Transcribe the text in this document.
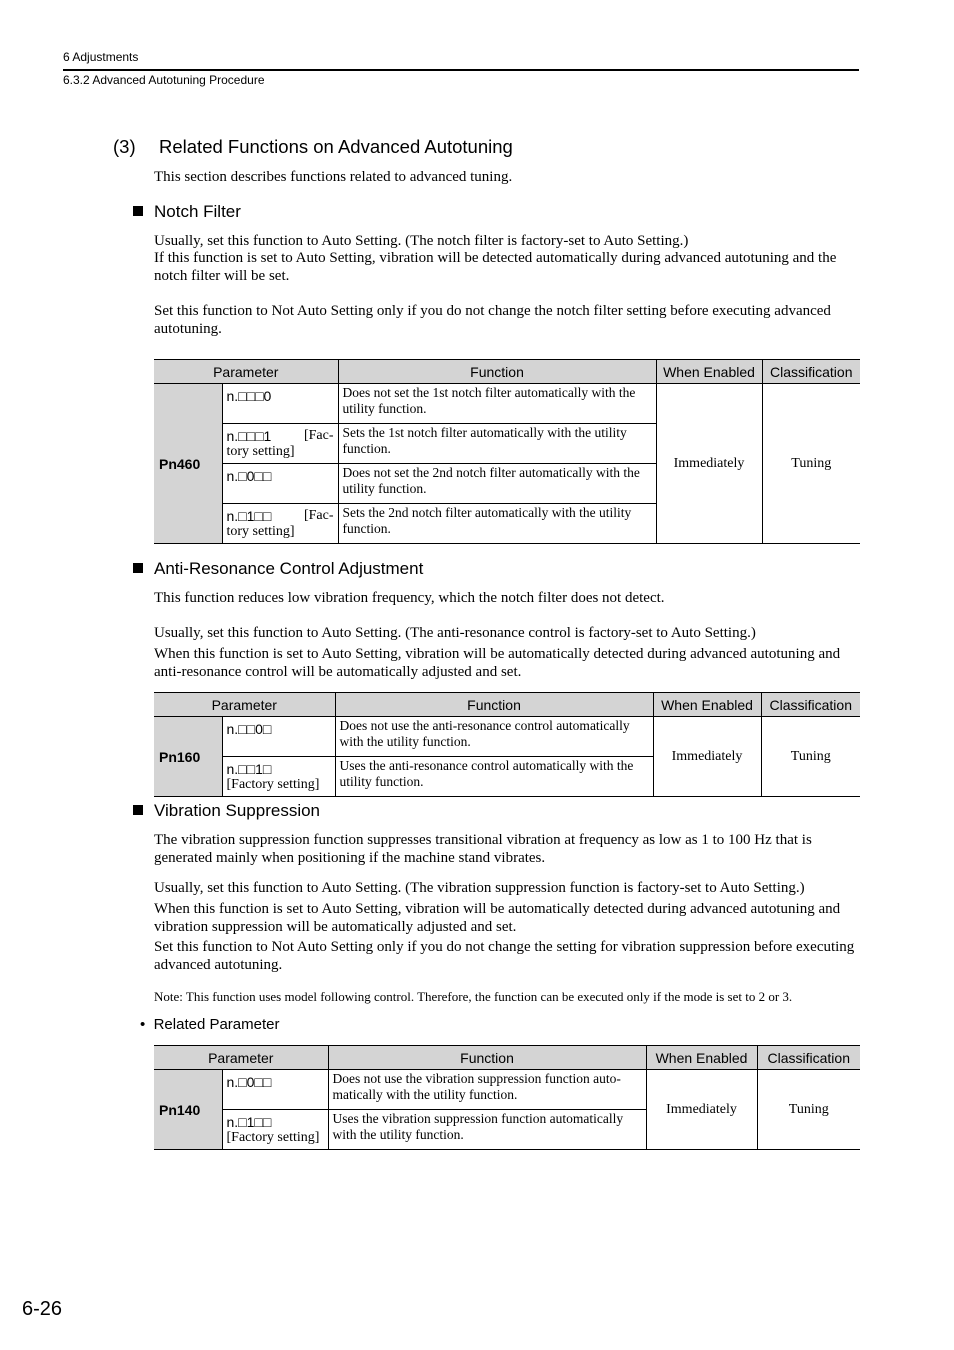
6 Adjustments
6.3.2 Advanced Autotuning Procedure
(3) Related Functions on Advanced Autotuning
This section describes functions related to advanced tuning.
Notch Filter
Usually, set this function to Auto Setting. (The notch filter is factory-set to Auto Setting.)
If this function is set to Auto Setting, vibration will be detected automatically during advanced autotuning and the notch filter will be set.
Set this function to Not Auto Setting only if you do not change the notch filter setting before executing advanced autotuning.
Parameter		Function	When Enabled	Classification
Pn460	n.□□□0	Does not set the 1st notch filter automatically with the utility function.	Immediately	Tuning

	n.□□□1 [Fac-
tory setting]	Sets the 1st notch filter automatically with the utility function.		
	n.□0□□	Does not set the 2nd notch filter automatically with the utility function.		

	n.□1□□ [Fac-
tory setting]	Sets the 2nd notch filter automatically with the utility function.		
Anti-Resonance Control Adjustment
This function reduces low vibration frequency, which the notch filter does not detect.
Usually, set this function to Auto Setting. (The anti-resonance control is factory-set to Auto Setting.)
When this function is set to Auto Setting, vibration will be automatically detected during advanced autotuning and anti-resonance control will be automatically adjusted and set.
Parameter		Function	When Enabled	Classification
Pn160	n.□□0□	Does not use the anti-resonance control automatically with the utility function.	Immediately	Tuning

	n.□□1□
[Factory setting]	Uses the anti-resonance control automatically with the utility function.		
Vibration Suppression
The vibration suppression function suppresses transitional vibration at frequency as low as 1 to 100 Hz that is generated mainly when positioning if the machine stand vibrates.
Usually, set this function to Auto Setting. (The vibration suppression function is factory-set to Auto Setting.)
When this function is set to Auto Setting, vibration will be automatically detected during advanced autotuning and vibration suppression will be automatically adjusted and set.
Set this function to Not Auto Setting only if you do not change the setting for vibration suppression before executing advanced autotuning.
Note: This function uses model following control. Therefore, the function can be executed only if the mode is set to 2 or 3.
•  Related Parameter
Parameter		Function	When Enabled	Classification
Pn140	n.□0□□	Does not use the vibration suppression function auto-matically with the utility function.	Immediately	Tuning

	n.□1□□
[Factory setting]	Uses the vibration suppression function automatically with the utility function.		
6-26
